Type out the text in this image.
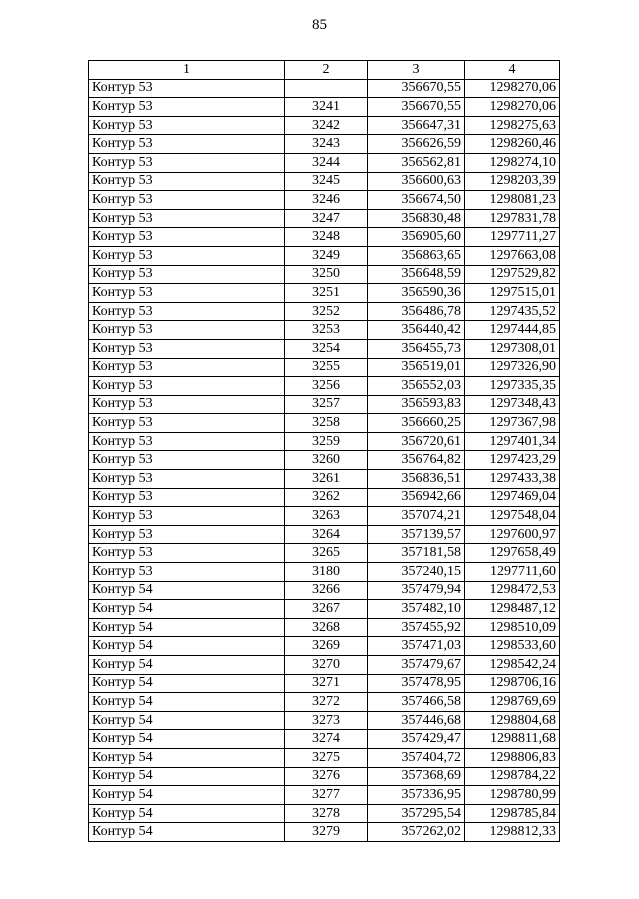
85
1	2	3	4
Контур 53		356670,55	1298270,06
Контур 53	3241	356670,55	1298270,06
Контур 53	3242	356647,31	1298275,63
Контур 53	3243	356626,59	1298260,46
Контур 53	3244	356562,81	1298274,10
Контур 53	3245	356600,63	1298203,39
Контур 53	3246	356674,50	1298081,23
Контур 53	3247	356830,48	1297831,78
Контур 53	3248	356905,60	1297711,27
Контур 53	3249	356863,65	1297663,08
Контур 53	3250	356648,59	1297529,82
Контур 53	3251	356590,36	1297515,01
Контур 53	3252	356486,78	1297435,52
Контур 53	3253	356440,42	1297444,85
Контур 53	3254	356455,73	1297308,01
Контур 53	3255	356519,01	1297326,90
Контур 53	3256	356552,03	1297335,35
Контур 53	3257	356593,83	1297348,43
Контур 53	3258	356660,25	1297367,98
Контур 53	3259	356720,61	1297401,34
Контур 53	3260	356764,82	1297423,29
Контур 53	3261	356836,51	1297433,38
Контур 53	3262	356942,66	1297469,04
Контур 53	3263	357074,21	1297548,04
Контур 53	3264	357139,57	1297600,97
Контур 53	3265	357181,58	1297658,49
Контур 53	3180	357240,15	1297711,60
Контур 54	3266	357479,94	1298472,53
Контур 54	3267	357482,10	1298487,12
Контур 54	3268	357455,92	1298510,09
Контур 54	3269	357471,03	1298533,60
Контур 54	3270	357479,67	1298542,24
Контур 54	3271	357478,95	1298706,16
Контур 54	3272	357466,58	1298769,69
Контур 54	3273	357446,68	1298804,68
Контур 54	3274	357429,47	1298811,68
Контур 54	3275	357404,72	1298806,83
Контур 54	3276	357368,69	1298784,22
Контур 54	3277	357336,95	1298780,99
Контур 54	3278	357295,54	1298785,84
Контур 54	3279	357262,02	1298812,33
